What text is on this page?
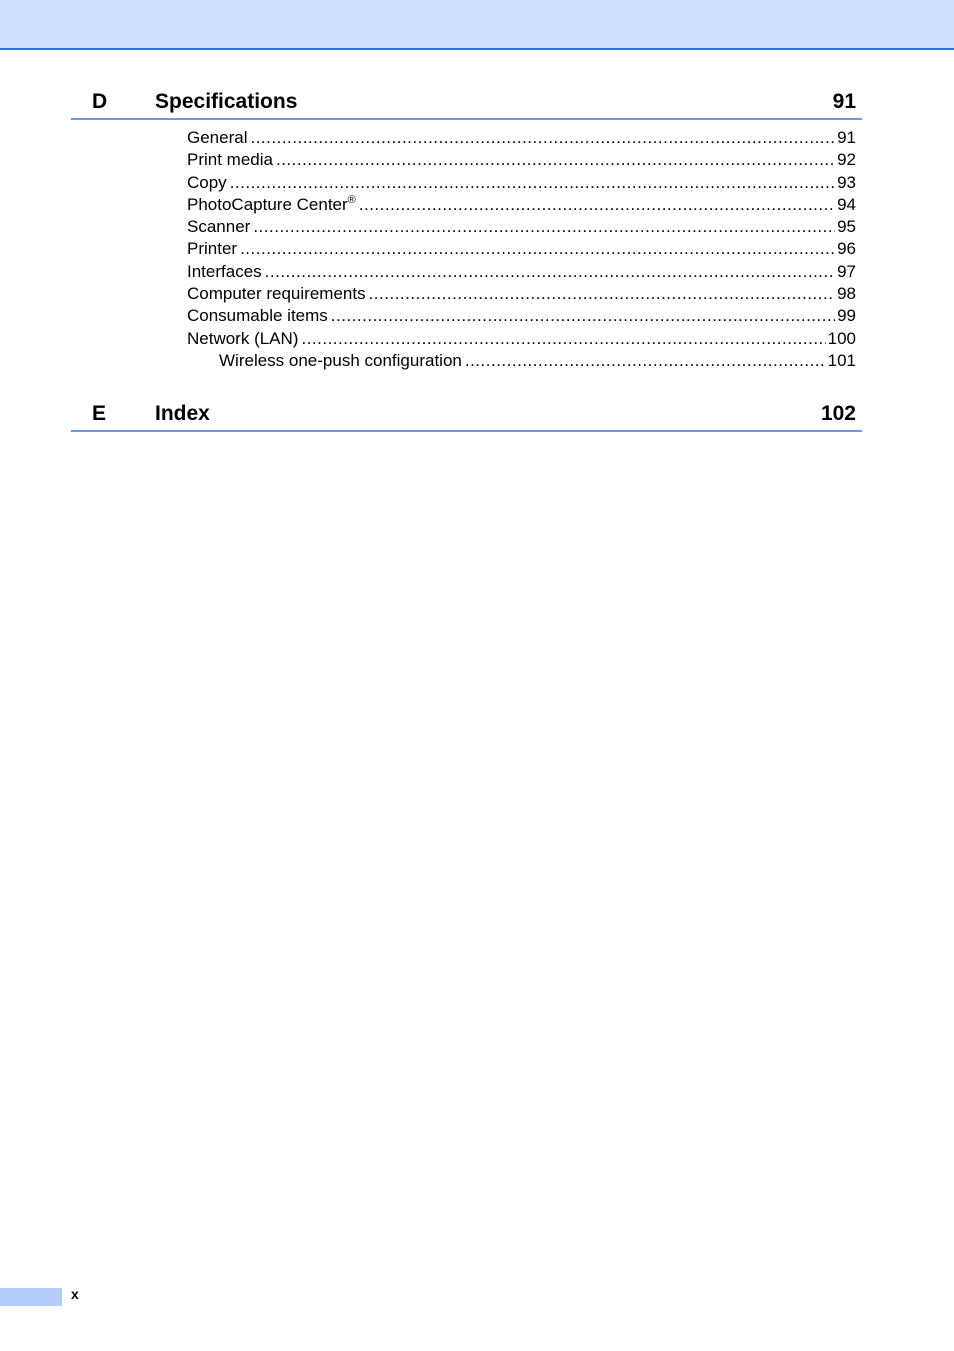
D Specifications	91
General .....	91
Print media .....	92
Copy .....	93
PhotoCapture Center® .....	94
Scanner .....	95
Printer .....	96
Interfaces .....	97
Computer requirements .....	98
Consumable items .....	99
Network (LAN) .....	100
Wireless one-push configuration .....	101
E Index	102
x
